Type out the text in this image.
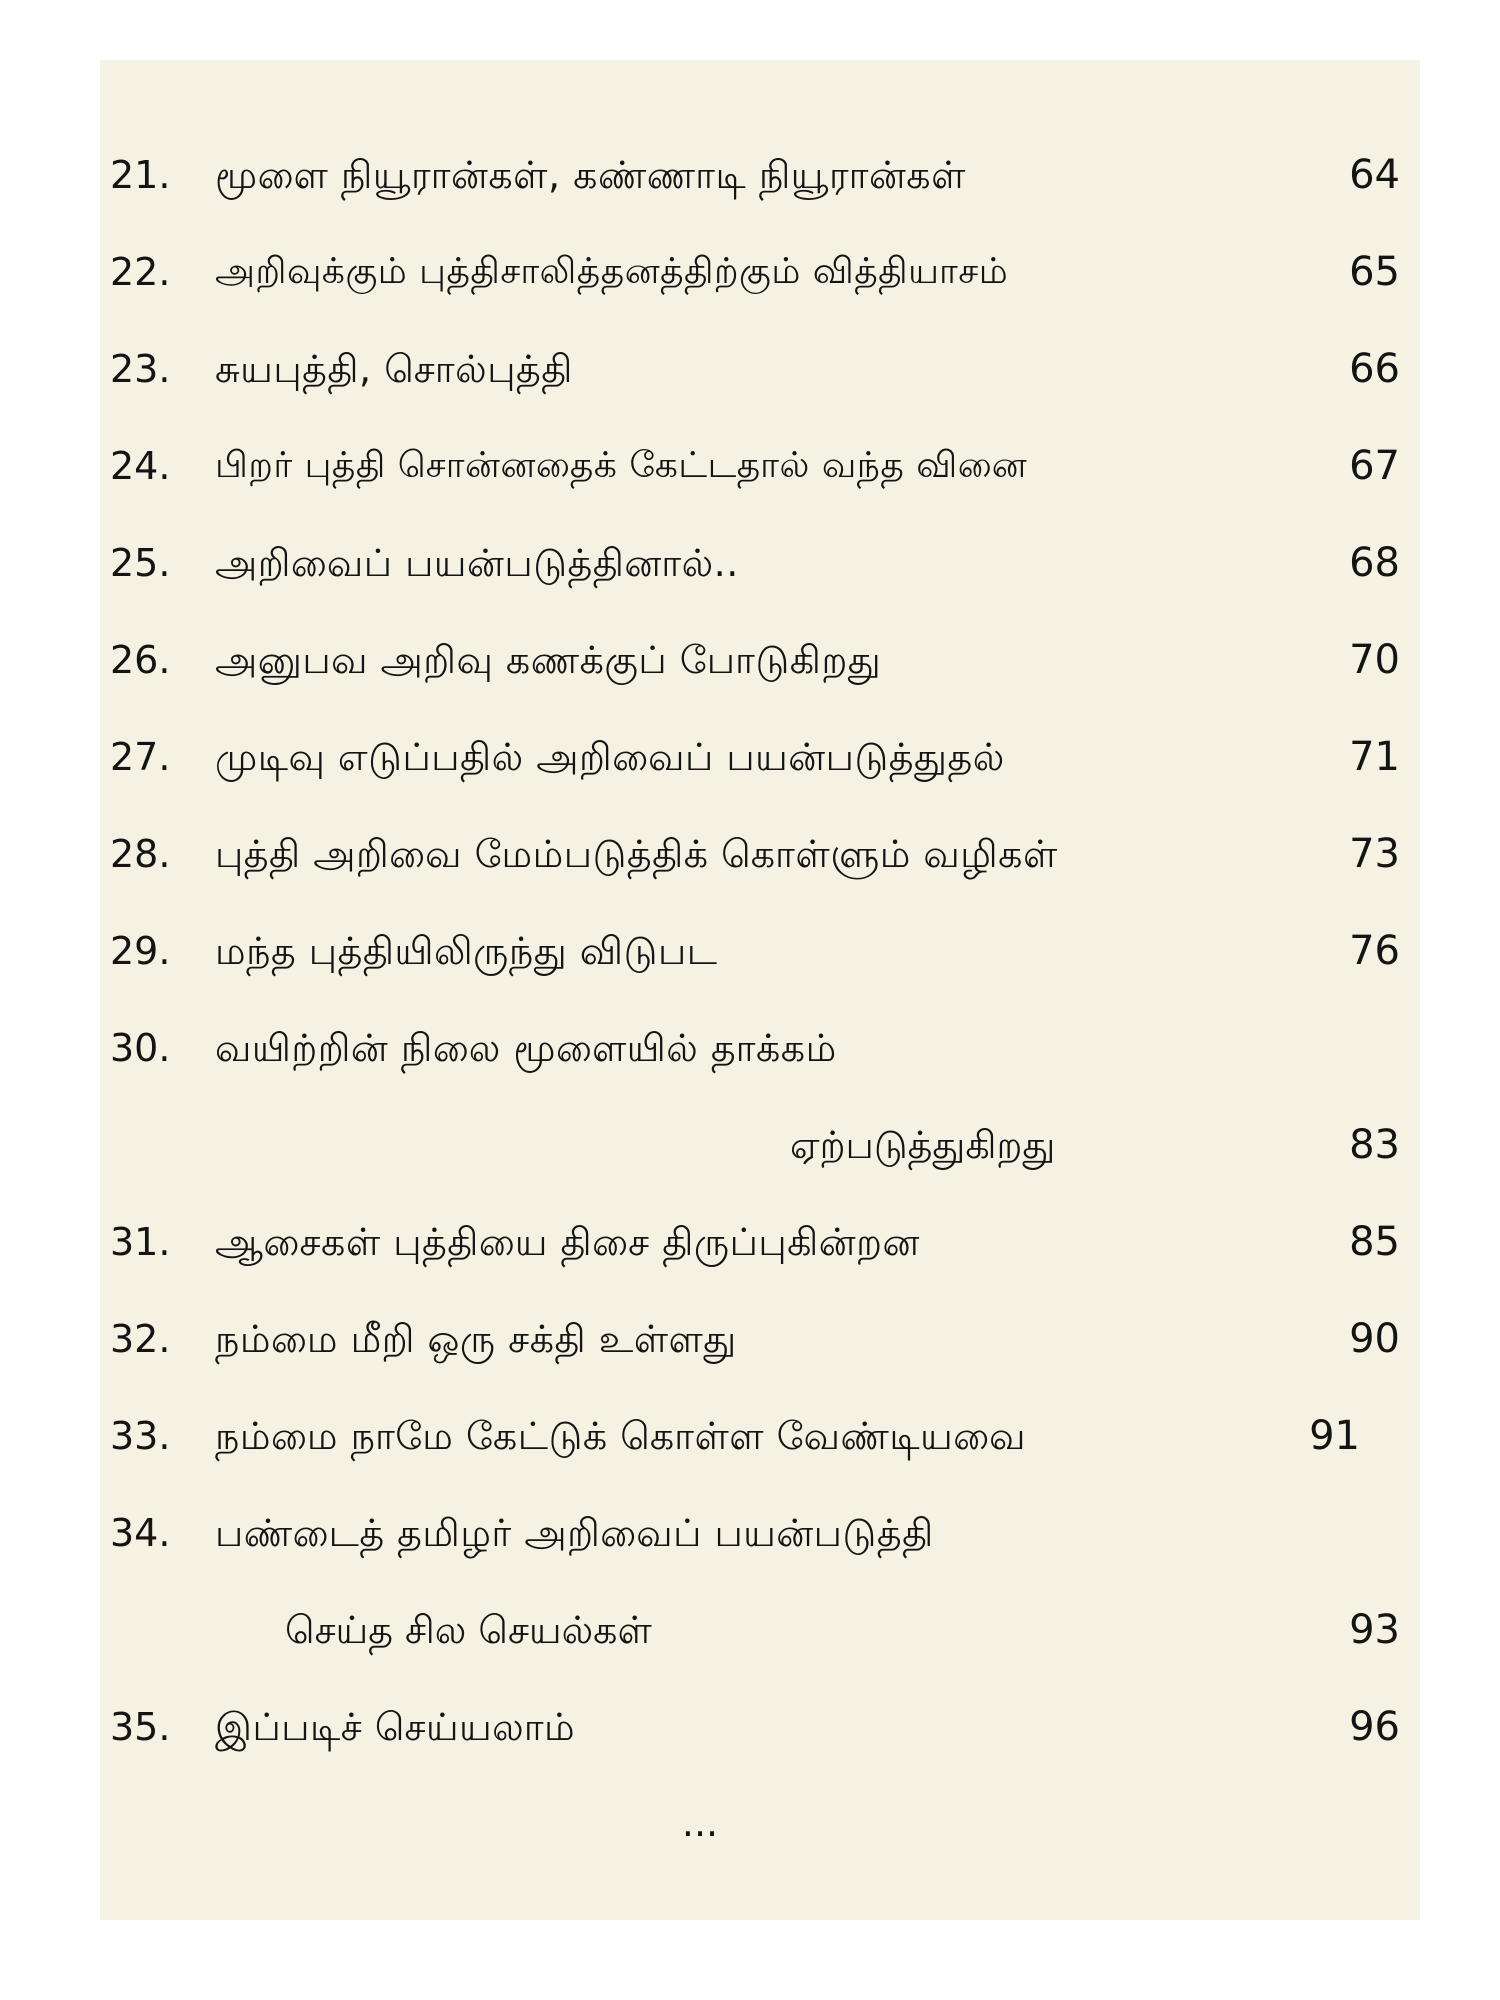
21. மூளை நியூரான்கள், கண்ணாடி நியூரான்கள்	64
22. அறிவுக்கும் புத்திசாலித்தனத்திற்கும் வித்தியாசம்	65
23. சுயபுத்தி, சொல்புத்தி	66
24. பிறர் புத்தி சொன்னதைக் கேட்டதால் வந்த வினை	67
25. அறிவைப் பயன்படுத்தினால்..	68
26. அனுபவ அறிவு கணக்குப் போடுகிறது	70
27. முடிவு எடுப்பதில் அறிவைப் பயன்படுத்துதல்	71
28. புத்தி அறிவை மேம்படுத்திக் கொள்ளும் வழிகள்	73
29. மந்த புத்தியிலிருந்து விடுபட	76
30. வயிற்றின் நிலை மூளையில் தாக்கம்
ஏற்படுத்துகிறது	83
31. ஆசைகள் புத்தியை திசை திருப்புகின்றன	85
32. நம்மை மீறி ஒரு சக்தி உள்ளது	90
33. நம்மை நாமே கேட்டுக் கொள்ள வேண்டியவை	91
34. பண்டைத் தமிழர் அறிவைப் பயன்படுத்தி
செய்த சில செயல்கள்	93
35. இப்படிச் செய்யலாம்	96
...
